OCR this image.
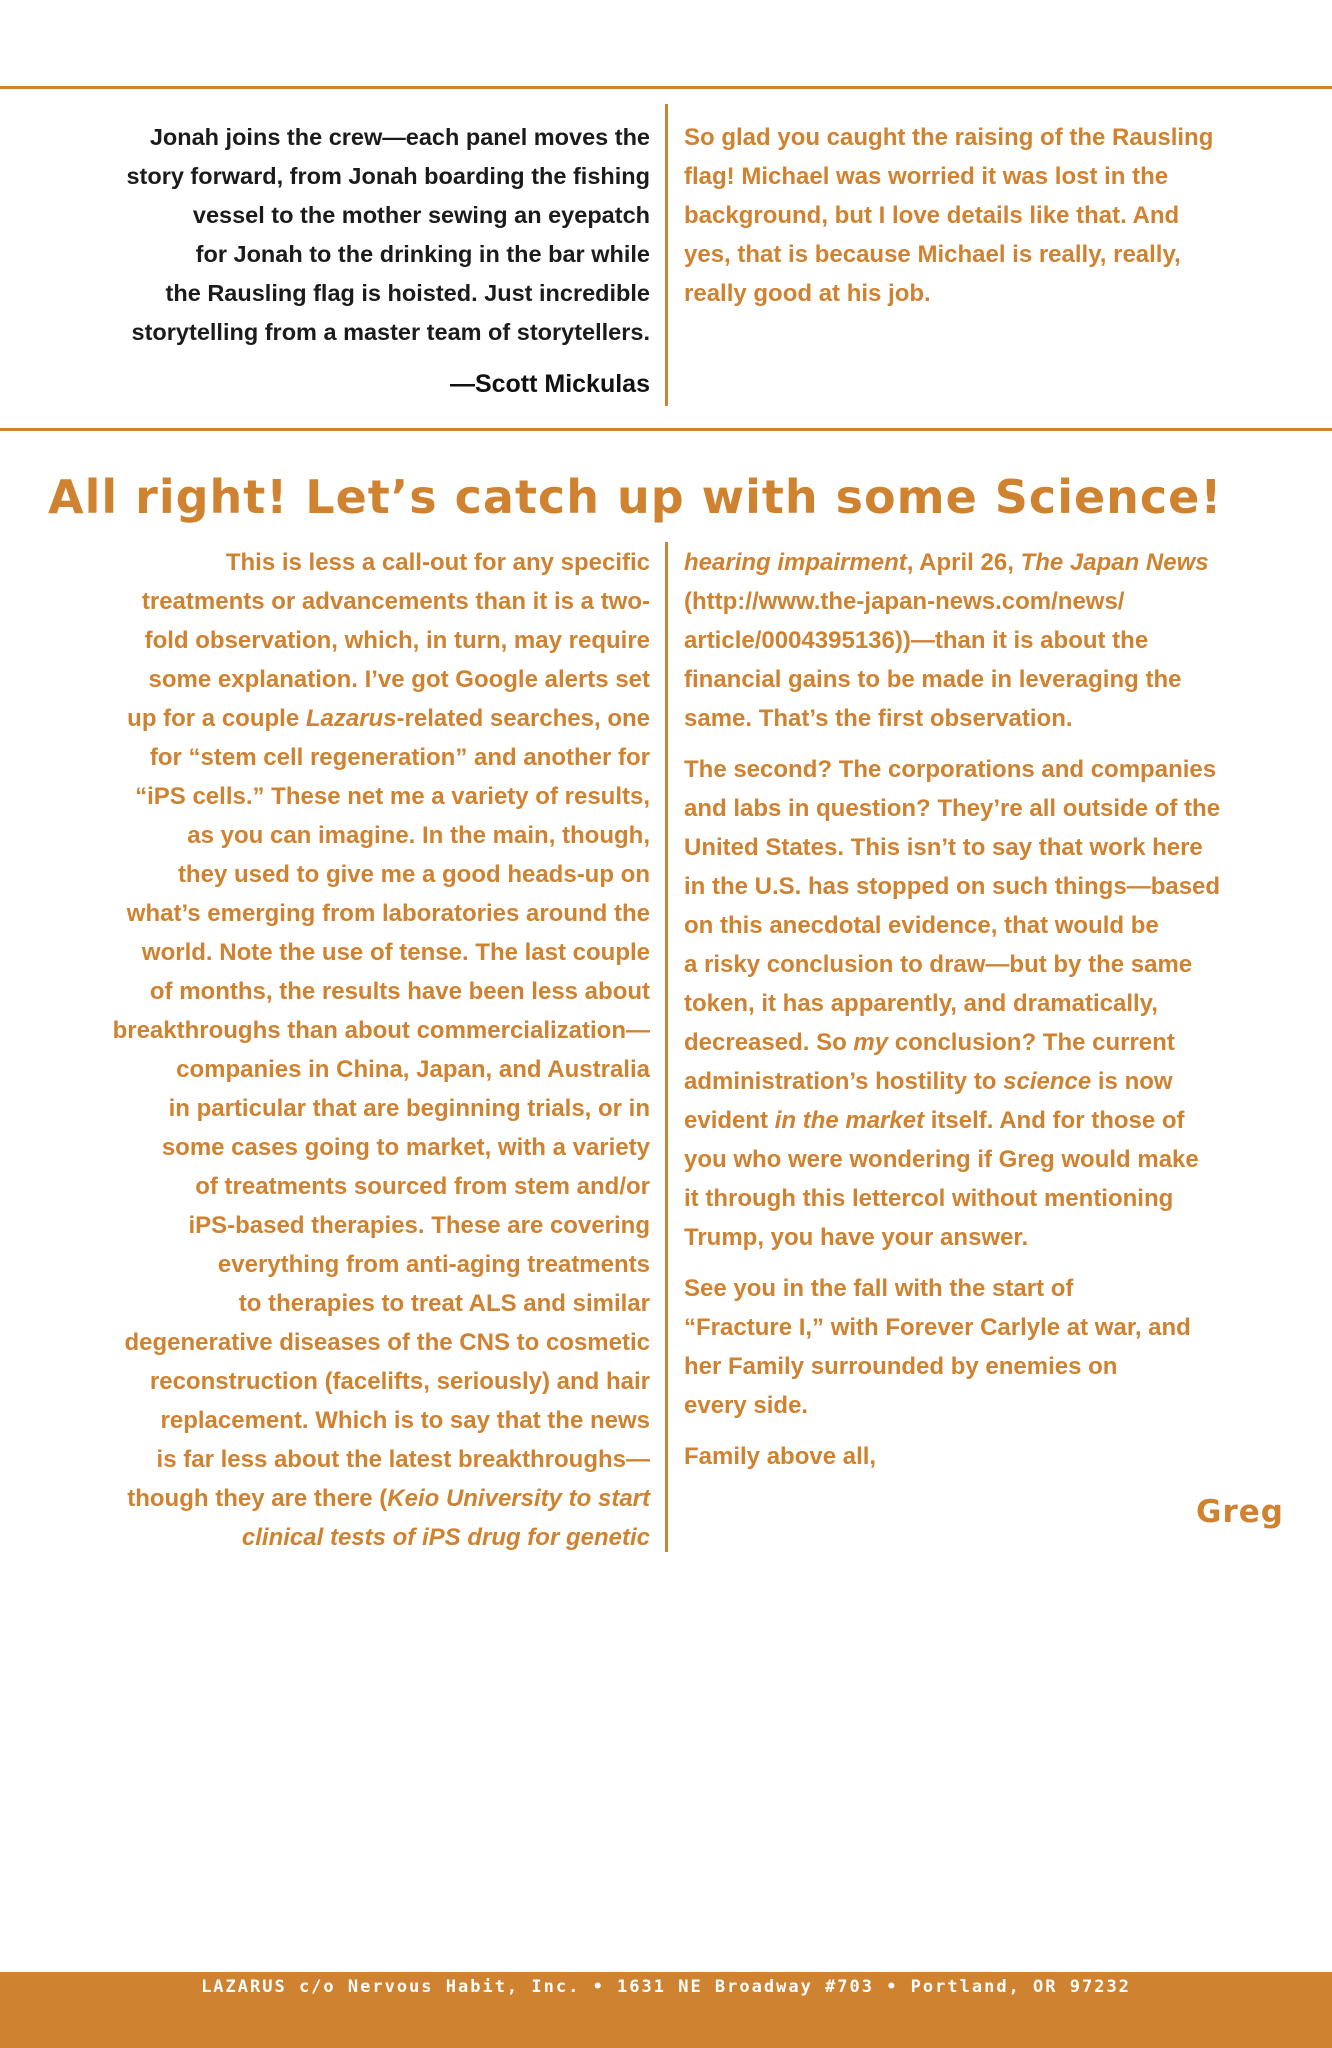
Jonah joins the crew—each panel moves the
story forward, from Jonah boarding the fishing
vessel to the mother sewing an eyepatch
for Jonah to the drinking in the bar while
the Rausling flag is hoisted. Just incredible
storytelling from a master team of storytellers.
—Scott Mickulas
So glad you caught the raising of the Rausling
flag! Michael was worried it was lost in the
background, but I love details like that. And
yes, that is because Michael is really, really,
really good at his job.
All right! Let’s catch up with some Science!
This is less a call-out for any specific
treatments or advancements than it is a two-
fold observation, which, in turn, may require
some explanation. I’ve got Google alerts set
up for a couple Lazarus-related searches, one
for “stem cell regeneration” and another for
“iPS cells.” These net me a variety of results,
as you can imagine. In the main, though,
they used to give me a good heads-up on
what’s emerging from laboratories around the
world. Note the use of tense. The last couple
of months, the results have been less about
breakthroughs than about commercialization—
companies in China, Japan, and Australia
in particular that are beginning trials, or in
some cases going to market, with a variety
of treatments sourced from stem and/or
iPS-based therapies. These are covering
everything from anti-aging treatments
to therapies to treat ALS and similar
degenerative diseases of the CNS to cosmetic
reconstruction (facelifts, seriously) and hair
replacement. Which is to say that the news
is far less about the latest breakthroughs—
though they are there (Keio University to start
clinical tests of iPS drug for genetic

hearing impairment, April 26, The Japan News
(http://www.the-japan-news.com/news/
article/0004395136))—than it is about the
financial gains to be made in leveraging the
same. That’s the first observation.

The second? The corporations and companies
and labs in question? They’re all outside of the
United States. This isn’t to say that work here
in the U.S. has stopped on such things—based
on this anecdotal evidence, that would be
a risky conclusion to draw—but by the same
token, it has apparently, and dramatically,
decreased. So my conclusion? The current
administration’s hostility to science is now
evident in the market itself. And for those of
you who were wondering if Greg would make
it through this lettercol without mentioning
Trump, you have your answer.

See you in the fall with the start of
“Fracture I,” with Forever Carlyle at war, and
her Family surrounded by enemies on
every side.

Family above all,

Greg
LAZARUS c/o Nervous Habit, Inc. • 1631 NE Broadway #703 • Portland, OR 97232
